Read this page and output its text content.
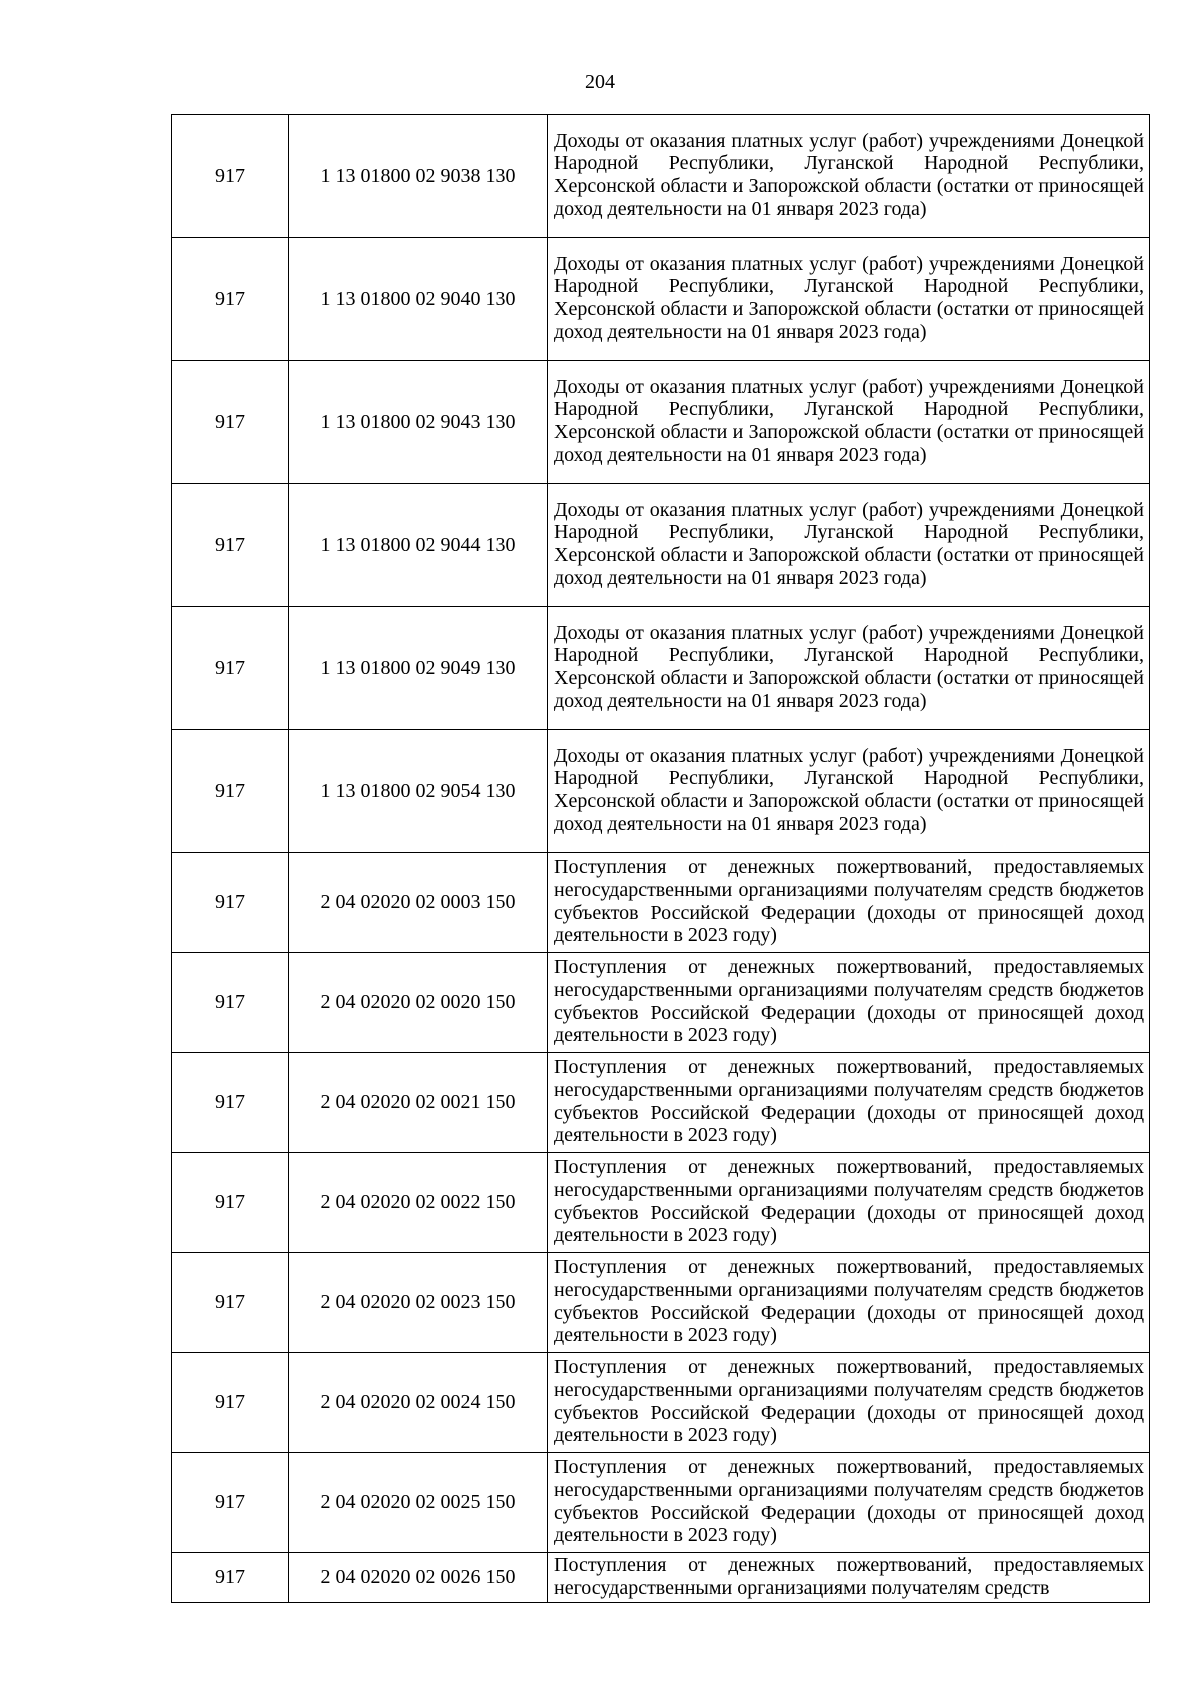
204
917	1 13 01800 02 9038 130	Доходы от оказания платных услуг (работ) учреждениями Донецкой Народной Республики, Луганской Народной Республики, Херсонской области и Запорожской области (остатки от приносящей доход деятельности на 01 января 2023 года)
917	1 13 01800 02 9040 130	Доходы от оказания платных услуг (работ) учреждениями Донецкой Народной Республики, Луганской Народной Республики, Херсонской области и Запорожской области (остатки от приносящей доход деятельности на 01 января 2023 года)
917	1 13 01800 02 9043 130	Доходы от оказания платных услуг (работ) учреждениями Донецкой Народной Республики, Луганской Народной Республики, Херсонской области и Запорожской области (остатки от приносящей доход деятельности на 01 января 2023 года)
917	1 13 01800 02 9044 130	Доходы от оказания платных услуг (работ) учреждениями Донецкой Народной Республики, Луганской Народной Республики, Херсонской области и Запорожской области (остатки от приносящей доход деятельности на 01 января 2023 года)
917	1 13 01800 02 9049 130	Доходы от оказания платных услуг (работ) учреждениями Донецкой Народной Республики, Луганской Народной Республики, Херсонской области и Запорожской области (остатки от приносящей доход деятельности на 01 января 2023 года)
917	1 13 01800 02 9054 130	Доходы от оказания платных услуг (работ) учреждениями Донецкой Народной Республики, Луганской Народной Республики, Херсонской области и Запорожской области (остатки от приносящей доход деятельности на 01 января 2023 года)
917	2 04 02020 02 0003 150	Поступления от денежных пожертвований, предоставляемых негосударственными организациями получателям средств бюджетов субъектов Российской Федерации (доходы от приносящей доход деятельности в 2023 году)
917	2 04 02020 02 0020 150	Поступления от денежных пожертвований, предоставляемых негосударственными организациями получателям средств бюджетов субъектов Российской Федерации (доходы от приносящей доход деятельности в 2023 году)
917	2 04 02020 02 0021 150	Поступления от денежных пожертвований, предоставляемых негосударственными организациями получателям средств бюджетов субъектов Российской Федерации (доходы от приносящей доход деятельности в 2023 году)
917	2 04 02020 02 0022 150	Поступления от денежных пожертвований, предоставляемых негосударственными организациями получателям средств бюджетов субъектов Российской Федерации (доходы от приносящей доход деятельности в 2023 году)
917	2 04 02020 02 0023 150	Поступления от денежных пожертвований, предоставляемых негосударственными организациями получателям средств бюджетов субъектов Российской Федерации (доходы от приносящей доход деятельности в 2023 году)
917	2 04 02020 02 0024 150	Поступления от денежных пожертвований, предоставляемых негосударственными организациями получателям средств бюджетов субъектов Российской Федерации (доходы от приносящей доход деятельности в 2023 году)
917	2 04 02020 02 0025 150	Поступления от денежных пожертвований, предоставляемых негосударственными организациями получателям средств бюджетов субъектов Российской Федерации (доходы от приносящей доход деятельности в 2023 году)
917	2 04 02020 02 0026 150	Поступления от денежных пожертвований, предоставляемых негосударственными организациями получателям средств
